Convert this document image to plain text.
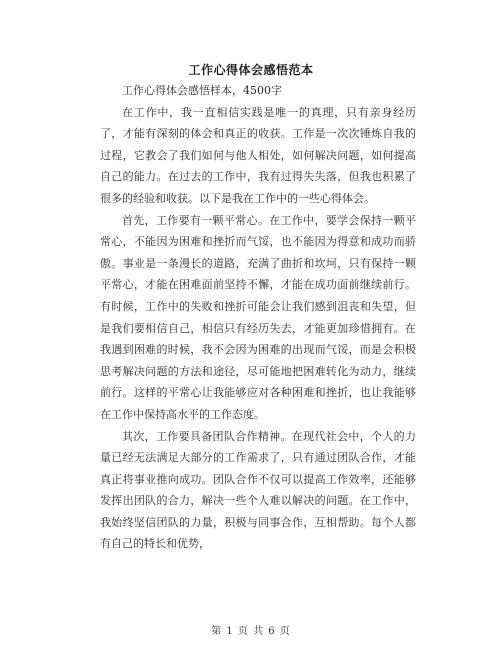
工作心得体会感悟范本

工作心得体会感悟样本，4500字

在工作中，我一直相信实践是唯一的真理，只有亲身经历了，才能有深刻的体会和真正的收获。工作是一次次锤炼自我的过程，它教会了我们如何与他人相处，如何解决问题，如何提高自己的能力。在过去的工作中，我有过得失失落，但我也积累了很多的经验和收获。以下是我在工作中的一些心得体会。

首先，工作要有一颗平常心。在工作中，要学会保持一颗平常心，不能因为困难和挫折而气馁，也不能因为得意和成功而骄傲。事业是一条漫长的道路，充满了曲折和坎坷，只有保持一颗平常心，才能在困难面前坚持不懈，才能在成功面前继续前行。有时候，工作中的失败和挫折可能会让我们感到沮丧和失望，但是我们要相信自己，相信只有经历失去，才能更加珍惜拥有。在我遇到困难的时候，我不会因为困难的出现而气馁，而是会积极思考解决问题的方法和途径，尽可能地把困难转化为动力，继续前行。这样的平常心让我能够应对各种困难和挫折，也让我能够在工作中保持高水平的工作态度。

其次，工作要具备团队合作精神。在现代社会中，个人的力量已经无法满足大部分的工作需求了，只有通过团队合作，才能真正将事业推向成功。团队合作不仅可以提高工作效率，还能够发挥出团队的合力，解决一些个人难以解决的问题。在工作中，我始终坚信团队的力量，积极与同事合作，互相帮助。每个人都有自己的特长和优势，

第 1 页 共 6 页
